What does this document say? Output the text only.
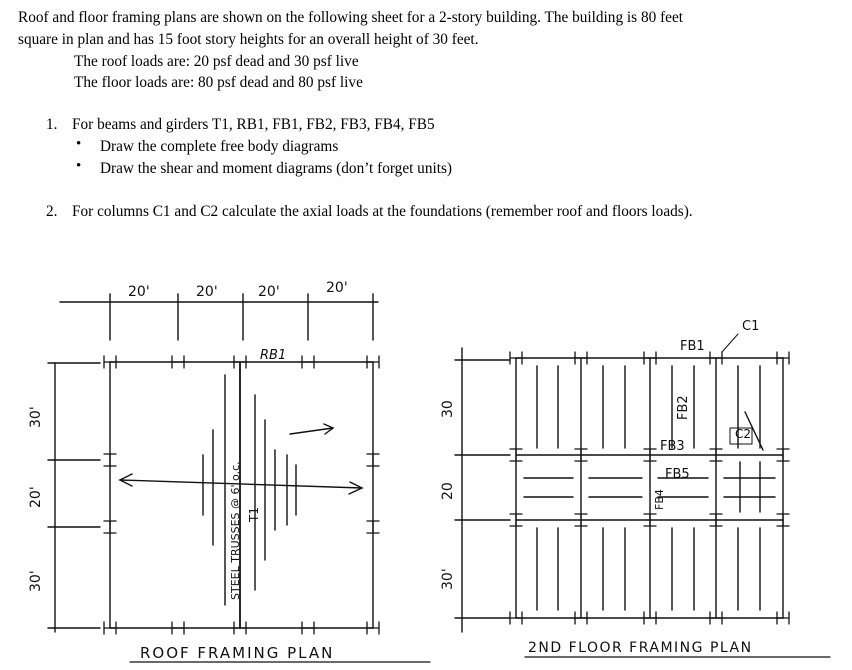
Roof and floor framing plans are shown on the following sheet for a 2-story building. The building is 80 feet
square in plan and has 15 foot story heights for an overall height of 30 feet.
The roof loads are: 20 psf dead and 30 psf live
The floor loads are: 80 psf dead and 80 psf live
1. For beams and girders T1, RB1, FB1, FB2, FB3, FB4, FB5
• Draw the complete free body diagrams
• Draw the shear and moment diagrams (don’t forget units)
2. For columns C1 and C2 calculate the axial loads at the foundations (remember roof and floors loads).
20'	20'	20'	20'
30'
20'
30'
RB1
STEEL TRUSSES @ 6' o.c. T1
ROOF FRAMING PLAN
30
20
30'
FB1
FB2
FB3
FB4
FB5
C1
C2
2ND FLOOR FRAMING PLAN
